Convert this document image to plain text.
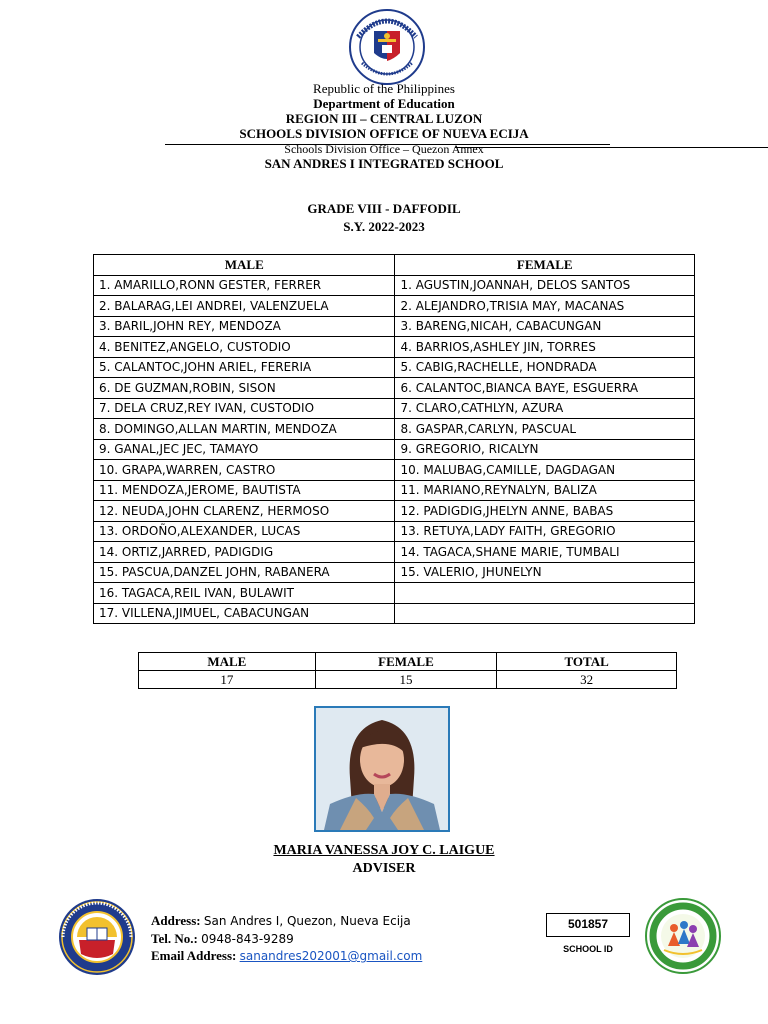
Republic of the Philippines
Department of Education
REGION III – CENTRAL LUZON
SCHOOLS DIVISION OFFICE OF NUEVA ECIJA
Schools Division Office – Quezon Annex
SAN ANDRES I INTEGRATED SCHOOL
GRADE VIII - DAFFODIL
S.Y. 2022-2023
MALE	FEMALE
1. AMARILLO,RONN GESTER, FERRER	1. AGUSTIN,JOANNAH, DELOS SANTOS
2. BALARAG,LEI ANDREI, VALENZUELA	2. ALEJANDRO,TRISIA MAY, MACANAS
3. BARIL,JOHN REY, MENDOZA	3. BARENG,NICAH, CABACUNGAN
4. BENITEZ,ANGELO, CUSTODIO	4. BARRIOS,ASHLEY JIN, TORRES
5. CALANTOC,JOHN ARIEL, FERERIA	5. CABIG,RACHELLE, HONDRADA
6. DE GUZMAN,ROBIN, SISON	6. CALANTOC,BIANCA BAYE, ESGUERRA
7. DELA CRUZ,REY IVAN, CUSTODIO	7. CLARO,CATHLYN, AZURA
8. DOMINGO,ALLAN MARTIN, MENDOZA	8. GASPAR,CARLYN, PASCUAL
9. GANAL,JEC JEC, TAMAYO	9. GREGORIO, RICALYN
10. GRAPA,WARREN, CASTRO	10. MALUBAG,CAMILLE, DAGDAGAN
11. MENDOZA,JEROME, BAUTISTA	11. MARIANO,REYNALYN, BALIZA
12. NEUDA,JOHN CLARENZ, HERMOSO	12. PADIGDIG,JHELYN ANNE, BABAS
13. ORDOÑO,ALEXANDER, LUCAS	13. RETUYA,LADY FAITH, GREGORIO
14. ORTIZ,JARRED, PADIGDIG	14. TAGACA,SHANE MARIE, TUMBALI
15. PASCUA,DANZEL JOHN, RABANERA	15. VALERIO, JHUNELYN
16. TAGACA,REIL IVAN, BULAWIT	
17. VILLENA,JIMUEL, CABACUNGAN	
MALE	FEMALE	TOTAL
17	15	32
MARIA VANESSA JOY C. LAIGUE
ADVISER
Address: San Andres I, Quezon, Nueva Ecija
Tel. No.: 0948-843-9289
Email Address: sanandres202001@gmail.com
501857
SCHOOL ID
